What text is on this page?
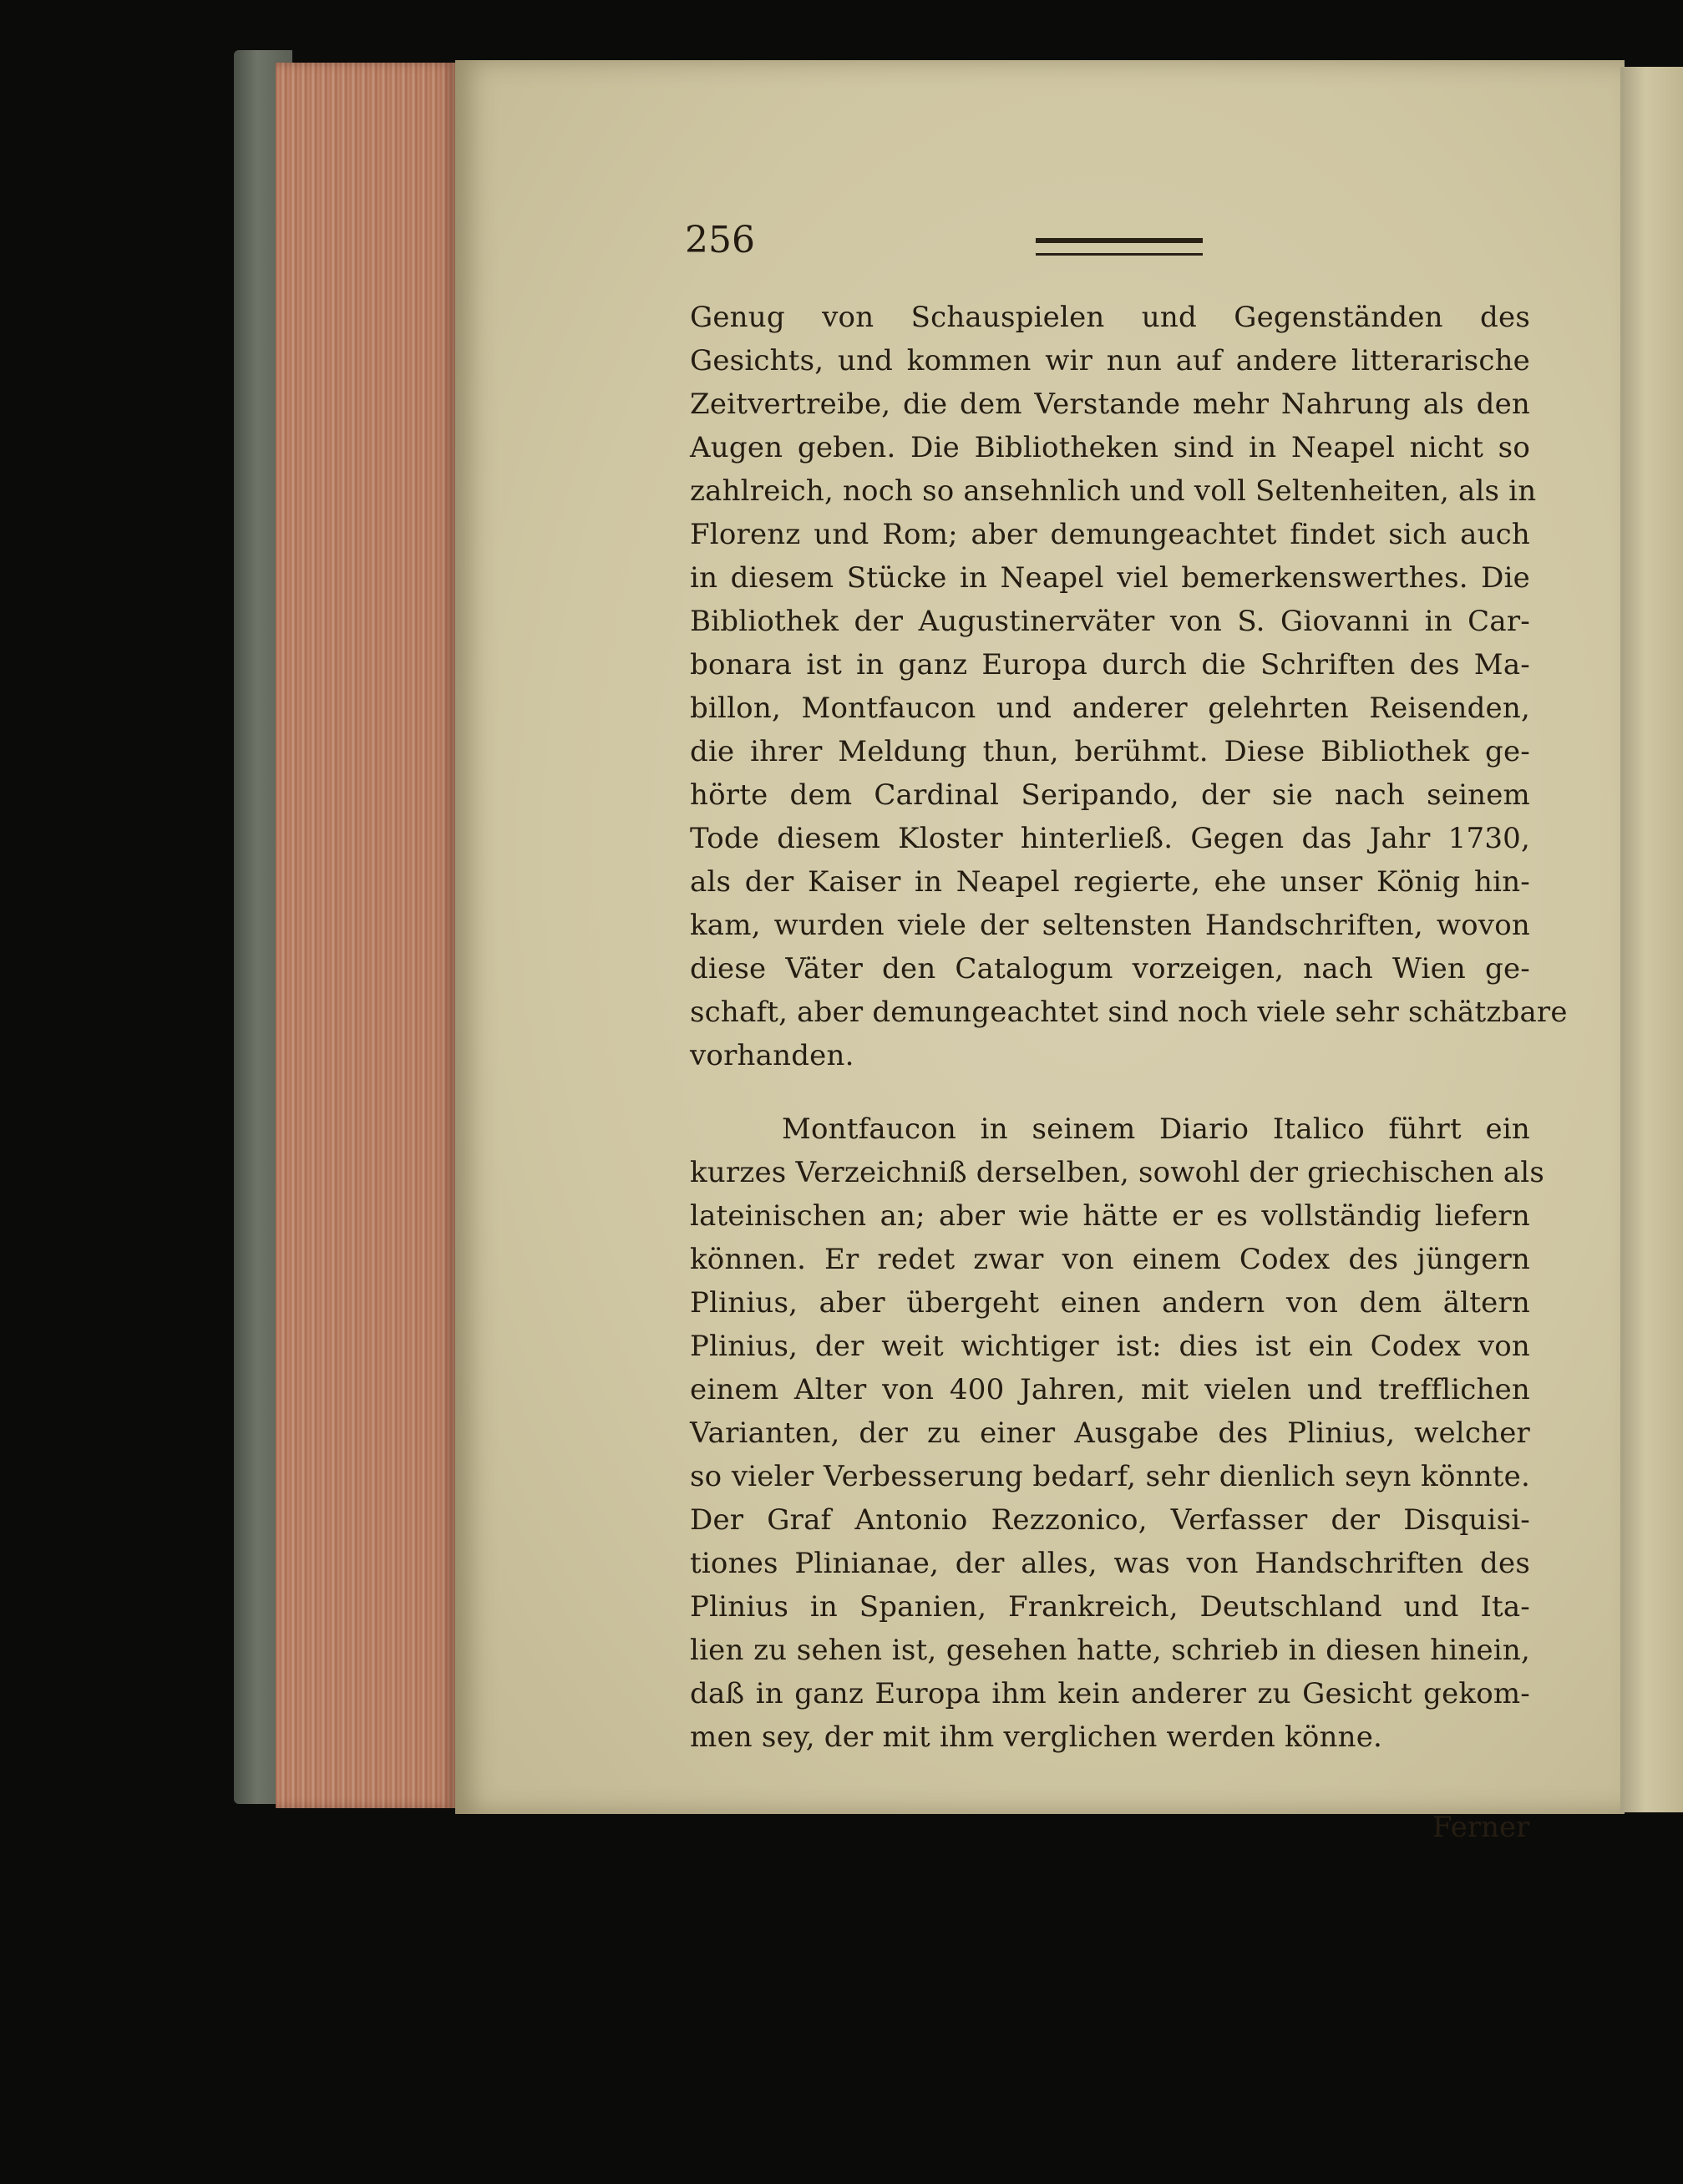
256
Genug von Schauspielen und Gegenständen des
Gesichts, und kommen wir nun auf andere litterarische
Zeitvertreibe, die dem Verstande mehr Nahrung als den
Augen geben. Die Bibliotheken sind in Neapel nicht so
zahlreich, noch so ansehnlich und voll Seltenheiten, als in
Florenz und Rom; aber demungeachtet findet sich auch
in diesem Stücke in Neapel viel bemerkenswerthes. Die
Bibliothek der Augustinerväter von S. Giovanni in Car-
bonara ist in ganz Europa durch die Schriften des Ma-
billon, Montfaucon und anderer gelehrten Reisenden,
die ihrer Meldung thun, berühmt. Diese Bibliothek ge-
hörte dem Cardinal Seripando, der sie nach seinem
Tode diesem Kloster hinterließ. Gegen das Jahr 1730,
als der Kaiser in Neapel regierte, ehe unser König hin-
kam, wurden viele der seltensten Handschriften, wovon
diese Väter den Catalogum vorzeigen, nach Wien ge-
schaft, aber demungeachtet sind noch viele sehr schätzbare
vorhanden.
Montfaucon in seinem Diario Italico führt ein
kurzes Verzeichniß derselben, sowohl der griechischen als
lateinischen an; aber wie hätte er es vollständig liefern
können. Er redet zwar von einem Codex des jüngern
Plinius, aber übergeht einen andern von dem ältern
Plinius, der weit wichtiger ist: dies ist ein Codex von
einem Alter von 400 Jahren, mit vielen und trefflichen
Varianten, der zu einer Ausgabe des Plinius, welcher
so vieler Verbesserung bedarf, sehr dienlich seyn könnte.
Der Graf Antonio Rezzonico, Verfasser der Disquisi-
tiones Plinianae, der alles, was von Handschriften des
Plinius in Spanien, Frankreich, Deutschland und Ita-
lien zu sehen ist, gesehen hatte, schrieb in diesen hinein,
daß in ganz Europa ihm kein anderer zu Gesicht gekom-
men sey, der mit ihm verglichen werden könne.
Ferner
